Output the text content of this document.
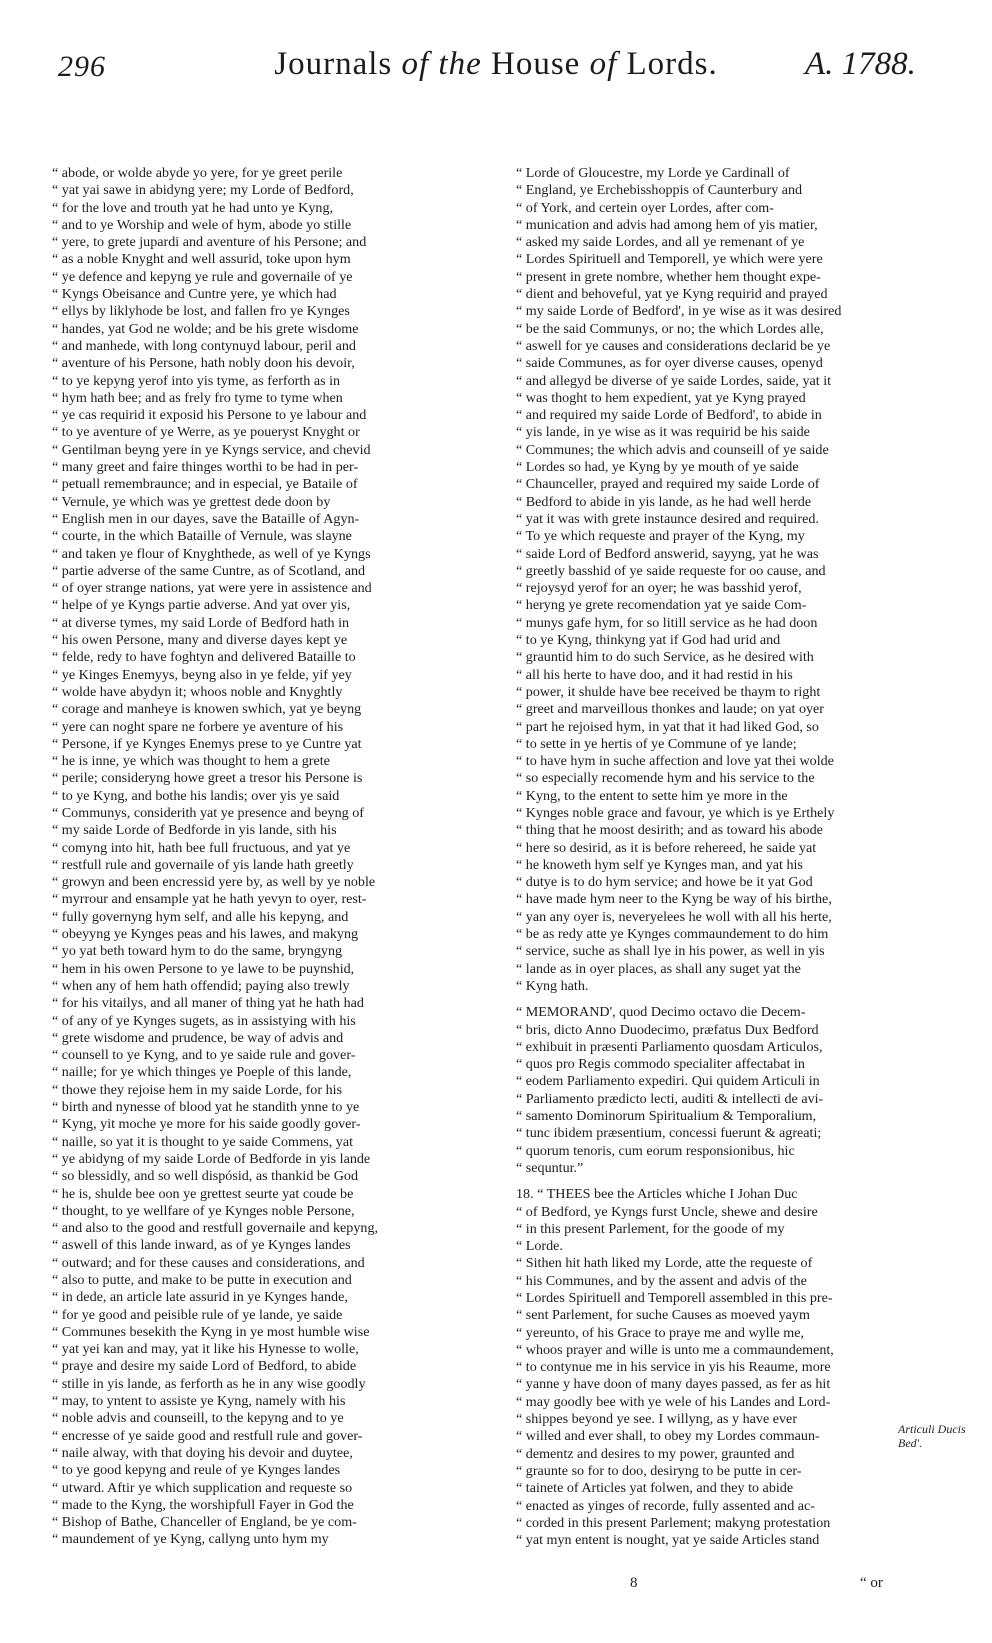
296	Journals of the House of Lords.	A. 1788.
“ abode, or wolde abyde yo yere, for ye greet perile
“ yat yai sawe in abidyng yere; my Lorde of Bedford,
“ for the love and trouth yat he had unto ye Kyng,
“ and to ye Worship and wele of hym, abode yo stille
“ yere, to grete jupardi and aventure of his Persone; and
“ as a noble Knyght and well assurid, toke upon hym
“ ye defence and kepyng ye rule and governaile of ye
“ Kyngs Obeisance and Cuntre yere, ye which had
“ ellys by liklyhode be lost, and fallen fro ye Kynges
“ handes, yat God ne wolde; and be his grete wisdome
“ and manhede, with long contynuyd labour, peril and
“ aventure of his Persone, hath nobly doon his devoir,
“ to ye kepyng yerof into yis tyme, as ferforth as in
“ hym hath bee; and as frely fro tyme to tyme when
“ ye cas requirid it exposid his Persone to ye labour and
“ to ye aventure of ye Werre, as ye poueryst Knyght or
“ Gentilman beyng yere in ye Kyngs service, and chevid
“ many greet and faire thinges worthi to be had in per-
“ petuall remembraunce; and in especial, ye Bataile of
“ Vernule, ye which was ye grettest dede doon by
“ English men in our dayes, save the Bataille of Agyn-
“ courte, in the which Bataille of Vernule, was slayne
“ and taken ye flour of Knyghthede, as well of ye Kyngs
“ partie adverse of the same Cuntre, as of Scotland, and
“ of oyer strange nations, yat were yere in assistence and
“ helpe of ye Kyngs partie adverse. And yat over yis,
“ at diverse tymes, my said Lorde of Bedford hath in
“ his owen Persone, many and diverse dayes kept ye
“ felde, redy to have foghtyn and delivered Bataille to
“ ye Kinges Enemyys, beyng also in ye felde, yif yey
“ wolde have abydyn it; whoos noble and Knyghtly
“ corage and manheye is knowen swhich, yat ye beyng
“ yere can noght spare ne forbere ye aventure of his
“ Persone, if ye Kynges Enemys prese to ye Cuntre yat
“ he is inne, ye which was thought to hem a grete
“ perile; consideryng howe greet a tresor his Persone is
“ to ye Kyng, and bothe his landis; over yis ye said
“ Communys, considerith yat ye presence and beyng of
“ my saide Lorde of Bedforde in yis lande, sith his
“ comyng into hit, hath bee full fructuous, and yat ye
“ restfull rule and governaile of yis lande hath greetly
“ growyn and been encressid yere by, as well by ye noble
“ myrrour and ensample yat he hath yevyn to oyer, rest-
“ fully governyng hym self, and alle his kepyng, and
“ obeyyng ye Kynges peas and his lawes, and makyng
“ yo yat beth toward hym to do the same, bryngyng
“ hem in his owen Persone to ye lawe to be puynshid,
“ when any of hem hath offendid; paying also trewly
“ for his vitailys, and all maner of thing yat he hath had
“ of any of ye Kynges sugets, as in assistying with his
“ grete wisdome and prudence, be way of advis and
“ counsell to ye Kyng, and to ye saide rule and gover-
“ naille; for ye which thinges ye Poeple of this lande,
“ thowe they rejoise hem in my saide Lorde, for his
“ birth and nynesse of blood yat he standith ynne to ye
“ Kyng, yit moche ye more for his saide goodly gover-
“ naille, so yat it is thought to ye saide Commens, yat
“ ye abidyng of my saide Lorde of Bedforde in yis lande
“ so blessidly, and so well dispósid, as thankid be God
“ he is, shulde bee oon ye grettest seurte yat coude be
“ thought, to ye wellfare of ye Kynges noble Persone,
“ and also to the good and restfull governaile and kepyng,
“ aswell of this lande inward, as of ye Kynges landes
“ outward; and for these causes and considerations, and
“ also to putte, and make to be putte in execution and
“ in dede, an article late assurid in ye Kynges hande,
“ for ye good and peisible rule of ye lande, ye saide
“ Communes besekith the Kyng in ye most humble wise
“ yat yei kan and may, yat it like his Hynesse to wolle,
“ praye and desire my saide Lord of Bedford, to abide
“ stille in yis lande, as ferforth as he in any wise goodly
“ may, to yntent to assiste ye Kyng, namely with his
“ noble advis and counseill, to the kepyng and to ye
“ encresse of ye saide good and restfull rule and gover-
“ naile alway, with that doying his devoir and duytee,
“ to ye good kepyng and reule of ye Kynges landes
“ utward. Aftir ye which supplication and requeste so
“ made to the Kyng, the worshipfull Fayer in God the
“ Bishop of Bathe, Chanceller of England, be ye com-
“ maundement of ye Kyng, callyng unto hym my
“ Lorde of Gloucestre, my Lorde ye Cardinall of
“ England, ye Erchebisshoppis of Caunterbury and
“ of York, and certein oyer Lordes, after com-
“ munication and advis had among hem of yis matier,
“ asked my saide Lordes, and all ye remenant of ye
“ Lordes Spirituell and Temporell, ye which were yere
“ present in grete nombre, whether hem thought expe-
“ dient and behoveful, yat ye Kyng requirid and prayed
“ my saide Lorde of Bedford', in ye wise as it was desired
“ be the said Communys, or no; the which Lordes alle,
“ aswell for ye causes and considerations declarid be ye
“ saide Communes, as for oyer diverse causes, openyd
“ and allegyd be diverse of ye saide Lordes, saide, yat it
“ was thoght to hem expedient, yat ye Kyng prayed
“ and required my saide Lorde of Bedford', to abide in
“ yis lande, in ye wise as it was requirid be his saide
“ Communes; the which advis and counseill of ye saide
“ Lordes so had, ye Kyng by ye mouth of ye saide
“ Chaunceller, prayed and required my saide Lorde of
“ Bedford to abide in yis lande, as he had well herde
“ yat it was with grete instaunce desired and required.
“ To ye which requeste and prayer of the Kyng, my
“ saide Lord of Bedford answerid, sayyng, yat he was
“ greetly basshid of ye saide requeste for oo cause, and
“ rejoysyd yerof for an oyer; he was basshid yerof,
“ heryng ye grete recomendation yat ye saide Com-
“ munys gafe hym, for so litill service as he had doon
“ to ye Kyng, thinkyng yat if God had urid and
“ grauntid him to do such Service, as he desired with
“ all his herte to have doo, and it had restid in his
“ power, it shulde have bee received be thaym to right
“ greet and marveillous thonkes and laude; on yat oyer
“ part he rejoised hym, in yat that it had liked God, so
“ to sette in ye hertis of ye Commune of ye lande;
“ to have hym in suche affection and love yat thei wolde
“ so especially recomende hym and his service to the
“ Kyng, to the entent to sette him ye more in the
“ Kynges noble grace and favour, ye which is ye Erthely
“ thing that he moost desirith; and as toward his abode
“ here so desirid, as it is before rehereed, he saide yat
“ he knoweth hym self ye Kynges man, and yat his
“ dutye is to do hym service; and howe be it yat God
“ have made hym neer to the Kyng be way of his birthe,
“ yan any oyer is, neveryelees he woll with all his herte,
“ be as redy atte ye Kynges commaundement to do him
“ service, suche as shall lye in his power, as well in yis
“ lande as in oyer places, as shall any suget yat the
“ Kyng hath.
“ MEMORAND', quod Decimo octavo die Decem-
“ bris, dicto Anno Duodecimo, præfatus Dux Bedford
“ exhibuit in præsenti Parliamento quosdam Articulos,
“ quos pro Regis commodo specialiter affectabat in
“ eodem Parliamento expediri. Qui quidem Articuli in
“ Parliamento prædicto lecti, auditi & intellecti de avi-
“ samento Dominorum Spiritualium & Temporalium,
“ tunc ibidem præsentium, concessi fuerunt & agreati;
“ quorum tenoris, cum eorum responsionibus, hic
“ sequntur.”
18. “ THEES bee the Articles whiche I Johan Duc
“ of Bedford, ye Kyngs furst Uncle, shewe and desire
“ in this present Parlement, for the goode of my
“ Lorde.
“ Sithen hit hath liked my Lorde, atte the requeste of
“ his Communes, and by the assent and advis of the
“ Lordes Spirituell and Temporell assembled in this pre-
“ sent Parlement, for suche Causes as moeved yaym
“ yereunto, of his Grace to praye me and wylle me,
“ whoos prayer and wille is unto me a commaundement,
“ to contynue me in his service in yis his Reaume, more
“ yanne y have doon of many dayes passed, as fer as hit
“ may goodly bee with ye wele of his Landes and Lord-
“ shippes beyond ye see. I willyng, as y have ever
“ willed and ever shall, to obey my Lordes commaun-
“ dementz and desires to my power, graunted and
“ graunte so for to doo, desiryng to be putte in cer-
“ tainete of Articles yat folwen, and they to abide
“ enacted as yinges of recorde, fully assented and ac-
“ corded in this present Parlement; makyng protestation
“ yat myn entent is nought, yat ye saide Articles stand
Articuli Ducis Bed'.
8	“ or
